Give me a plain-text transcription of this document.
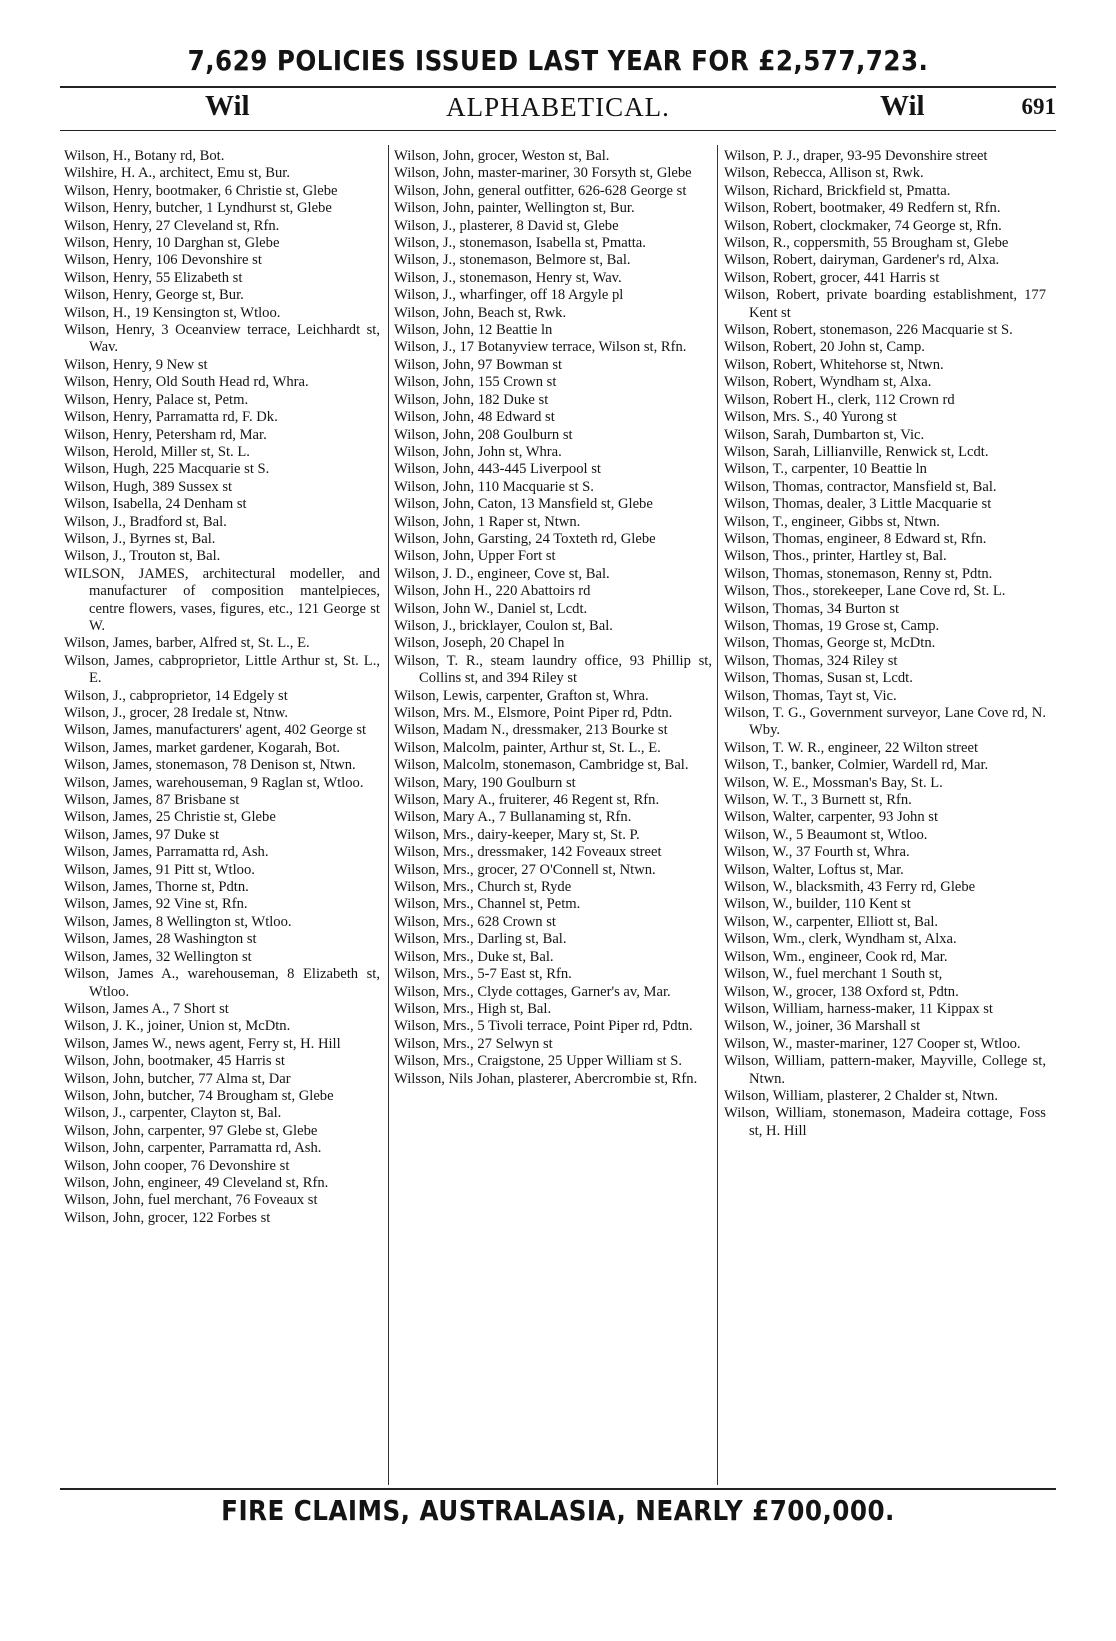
7,629 POLICIES ISSUED LAST YEAR FOR £2,577,723.
Wil	ALPHABETICAL.	Wil	691

Wilson, H., Botany rd, Bot.

Wilshire, H. A., architect, Emu st, Bur.

Wilson, Henry, bootmaker, 6 Christie st, Glebe

Wilson, Henry, butcher, 1 Lyndhurst st, Glebe

Wilson, Henry, 27 Cleveland st, Rfn.

Wilson, Henry, 10 Darghan st, Glebe

Wilson, Henry, 106 Devonshire st

Wilson, Henry, 55 Elizabeth st

Wilson, Henry, George st, Bur.

Wilson, H., 19 Kensington st, Wtloo.

Wilson, Henry, 3 Oceanview terrace, Leichhardt st, Wav.

Wilson, Henry, 9 New st

Wilson, Henry, Old South Head rd, Whra.

Wilson, Henry, Palace st, Petm.

Wilson, Henry, Parramatta rd, F. Dk.

Wilson, Henry, Petersham rd, Mar.

Wilson, Herold, Miller st, St. L.

Wilson, Hugh, 225 Macquarie st S.

Wilson, Hugh, 389 Sussex st

Wilson, Isabella, 24 Denham st

Wilson, J., Bradford st, Bal.

Wilson, J., Byrnes st, Bal.

Wilson, J., Trouton st, Bal.

WILSON, JAMES, architectural modeller, and manufacturer of composition mantelpieces, centre flowers, vases, figures, etc., 121 George st W.

Wilson, James, barber, Alfred st, St. L., E.

Wilson, James, cabproprietor, Little Arthur st, St. L., E.

Wilson, J., cabproprietor, 14 Edgely st

Wilson, J., grocer, 28 Iredale st, Ntnw.

Wilson, James, manufacturers' agent, 402 George st

Wilson, James, market gardener, Kogarah, Bot.

Wilson, James, stonemason, 78 Denison st, Ntwn.

Wilson, James, warehouseman, 9 Raglan st, Wtloo.

Wilson, James, 87 Brisbane st

Wilson, James, 25 Christie st, Glebe

Wilson, James, 97 Duke st

Wilson, James, Parramatta rd, Ash.

Wilson, James, 91 Pitt st, Wtloo.

Wilson, James, Thorne st, Pdtn.

Wilson, James, 92 Vine st, Rfn.

Wilson, James, 8 Wellington st, Wtloo.

Wilson, James, 28 Washington st

Wilson, James, 32 Wellington st

Wilson, James A., warehouseman, 8 Elizabeth st, Wtloo.

Wilson, James A., 7 Short st

Wilson, J. K., joiner, Union st, McDtn.

Wilson, James W., news agent, Ferry st, H. Hill

Wilson, John, bootmaker, 45 Harris st

Wilson, John, butcher, 77 Alma st, Dar

Wilson, John, butcher, 74 Brougham st, Glebe

Wilson, J., carpenter, Clayton st, Bal.

Wilson, John, carpenter, 97 Glebe st, Glebe

Wilson, John, carpenter, Parramatta rd, Ash.

Wilson, John cooper, 76 Devonshire st

Wilson, John, engineer, 49 Cleveland st, Rfn.

Wilson, John, fuel merchant, 76 Foveaux st

Wilson, John, grocer, 122 Forbes st

Wilson, John, grocer, Weston st, Bal.

Wilson, John, master-mariner, 30 Forsyth st, Glebe

Wilson, John, general outfitter, 626-628 George st

Wilson, John, painter, Wellington st, Bur.

Wilson, J., plasterer, 8 David st, Glebe

Wilson, J., stonemason, Isabella st, Pmatta.

Wilson, J., stonemason, Belmore st, Bal.

Wilson, J., stonemason, Henry st, Wav.

Wilson, J., wharfinger, off 18 Argyle pl

Wilson, John, Beach st, Rwk.

Wilson, John, 12 Beattie ln

Wilson, J., 17 Botanyview terrace, Wilson st, Rfn.

Wilson, John, 97 Bowman st

Wilson, John, 155 Crown st

Wilson, John, 182 Duke st

Wilson, John, 48 Edward st

Wilson, John, 208 Goulburn st

Wilson, John, John st, Whra.

Wilson, John, 443-445 Liverpool st

Wilson, John, 110 Macquarie st S.

Wilson, John, Caton, 13 Mansfield st, Glebe

Wilson, John, 1 Raper st, Ntwn.

Wilson, John, Garsting, 24 Toxteth rd, Glebe

Wilson, John, Upper Fort st

Wilson, J. D., engineer, Cove st, Bal.

Wilson, John H., 220 Abattoirs rd

Wilson, John W., Daniel st, Lcdt.

Wilson, J., bricklayer, Coulon st, Bal.

Wilson, Joseph, 20 Chapel ln

Wilson, T. R., steam laundry office, 93 Phillip st, Collins st, and 394 Riley st

Wilson, Lewis, carpenter, Grafton st, Whra.

Wilson, Mrs. M., Elsmore, Point Piper rd, Pdtn.

Wilson, Madam N., dressmaker, 213 Bourke st

Wilson, Malcolm, painter, Arthur st, St. L., E.

Wilson, Malcolm, stonemason, Cambridge st, Bal.

Wilson, Mary, 190 Goulburn st

Wilson, Mary A., fruiterer, 46 Regent st, Rfn.

Wilson, Mary A., 7 Bullanaming st, Rfn.

Wilson, Mrs., dairy-keeper, Mary st, St. P.

Wilson, Mrs., dressmaker, 142 Foveaux street

Wilson, Mrs., grocer, 27 O'Connell st, Ntwn.

Wilson, Mrs., Church st, Ryde

Wilson, Mrs., Channel st, Petm.

Wilson, Mrs., 628 Crown st

Wilson, Mrs., Darling st, Bal.

Wilson, Mrs., Duke st, Bal.

Wilson, Mrs., 5-7 East st, Rfn.

Wilson, Mrs., Clyde cottages, Garner's av, Mar.

Wilson, Mrs., High st, Bal.

Wilson, Mrs., 5 Tivoli terrace, Point Piper rd, Pdtn.

Wilson, Mrs., 27 Selwyn st

Wilson, Mrs., Craigstone, 25 Upper William st S.

Wilsson, Nils Johan, plasterer, Abercrombie st, Rfn.

Wilson, P. J., draper, 93-95 Devonshire street

Wilson, Rebecca, Allison st, Rwk.

Wilson, Richard, Brickfield st, Pmatta.

Wilson, Robert, bootmaker, 49 Redfern st, Rfn.

Wilson, Robert, clockmaker, 74 George st, Rfn.

Wilson, R., coppersmith, 55 Brougham st, Glebe

Wilson, Robert, dairyman, Gardener's rd, Alxa.

Wilson, Robert, grocer, 441 Harris st

Wilson, Robert, private boarding establishment, 177 Kent st

Wilson, Robert, stonemason, 226 Macquarie st S.

Wilson, Robert, 20 John st, Camp.

Wilson, Robert, Whitehorse st, Ntwn.

Wilson, Robert, Wyndham st, Alxa.

Wilson, Robert H., clerk, 112 Crown rd

Wilson, Mrs. S., 40 Yurong st

Wilson, Sarah, Dumbarton st, Vic.

Wilson, Sarah, Lillianville, Renwick st, Lcdt.

Wilson, T., carpenter, 10 Beattie ln

Wilson, Thomas, contractor, Mansfield st, Bal.

Wilson, Thomas, dealer, 3 Little Macquarie st

Wilson, T., engineer, Gibbs st, Ntwn.

Wilson, Thomas, engineer, 8 Edward st, Rfn.

Wilson, Thos., printer, Hartley st, Bal.

Wilson, Thomas, stonemason, Renny st, Pdtn.

Wilson, Thos., storekeeper, Lane Cove rd, St. L.

Wilson, Thomas, 34 Burton st

Wilson, Thomas, 19 Grose st, Camp.

Wilson, Thomas, George st, McDtn.

Wilson, Thomas, 324 Riley st

Wilson, Thomas, Susan st, Lcdt.

Wilson, Thomas, Tayt st, Vic.

Wilson, T. G., Government surveyor, Lane Cove rd, N. Wby.

Wilson, T. W. R., engineer, 22 Wilton street

Wilson, T., banker, Colmier, Wardell rd, Mar.

Wilson, W. E., Mossman's Bay, St. L.

Wilson, W. T., 3 Burnett st, Rfn.

Wilson, Walter, carpenter, 93 John st

Wilson, W., 5 Beaumont st, Wtloo.

Wilson, W., 37 Fourth st, Whra.

Wilson, Walter, Loftus st, Mar.

Wilson, W., blacksmith, 43 Ferry rd, Glebe

Wilson, W., builder, 110 Kent st

Wilson, W., carpenter, Elliott st, Bal.

Wilson, Wm., clerk, Wyndham st, Alxa.

Wilson, Wm., engineer, Cook rd, Mar.

Wilson, W., fuel merchant 1 South st,

Wilson, W., grocer, 138 Oxford st, Pdtn.

Wilson, William, harness-maker, 11 Kippax st

Wilson, W., joiner, 36 Marshall st

Wilson, W., master-mariner, 127 Cooper st, Wtloo.

Wilson, William, pattern-maker, Mayville, College st, Ntwn.

Wilson, William, plasterer, 2 Chalder st, Ntwn.

Wilson, William, stonemason, Madeira cottage, Foss st, H. Hill

FIRE CLAIMS, AUSTRALASIA, NEARLY £700,000.
